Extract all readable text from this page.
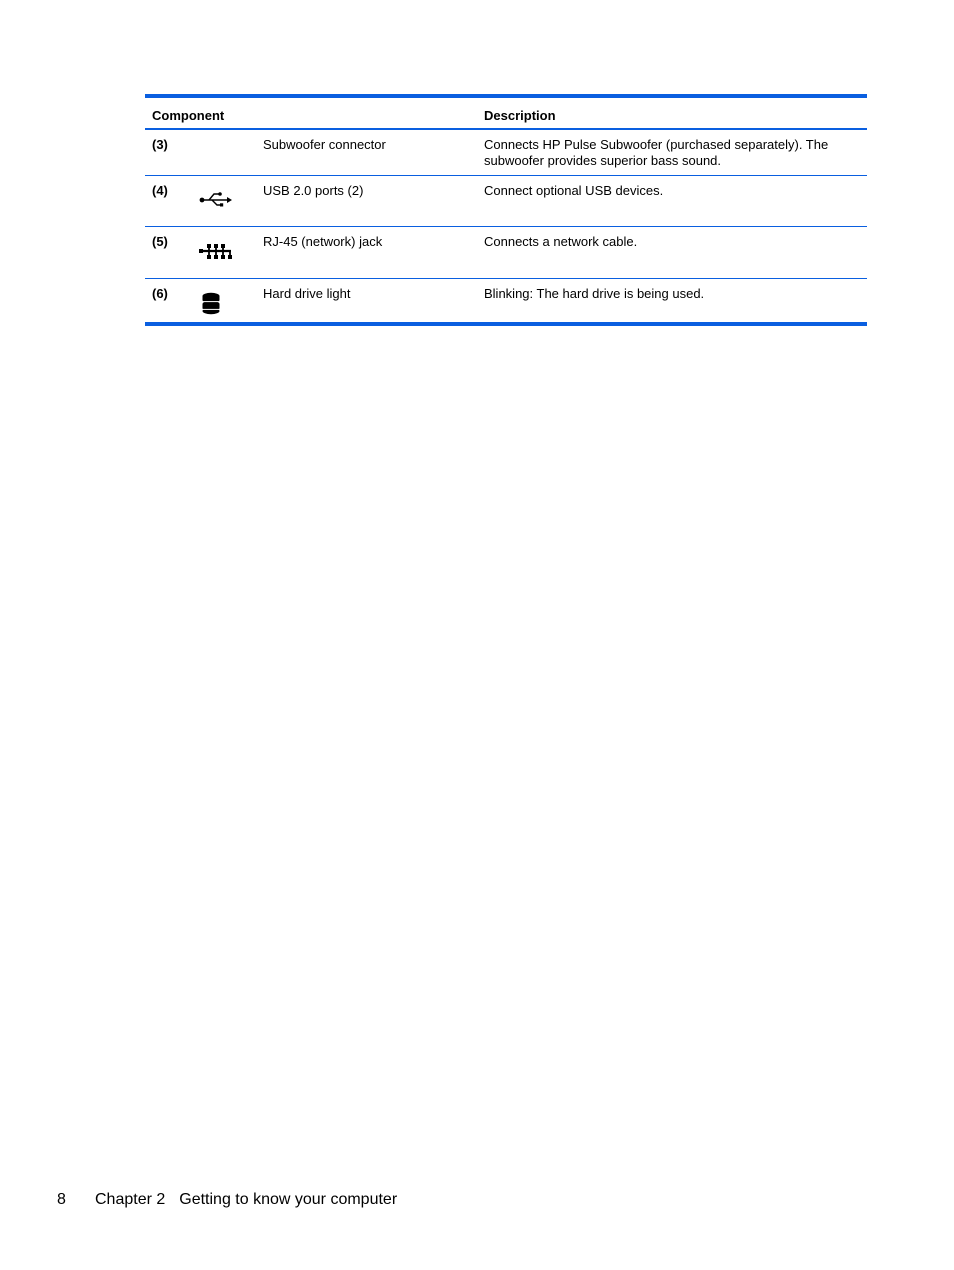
Component	Description
(3)	Subwoofer connector	Connects HP Pulse Subwoofer (purchased separately). The subwoofer provides superior bass sound.
(4)	USB 2.0 ports (2)	Connect optional USB devices.
(5)	RJ-45 (network) jack	Connects a network cable.
(6)	Hard drive light	Blinking: The hard drive is being used.
8 Chapter 2 Getting to know your computer
